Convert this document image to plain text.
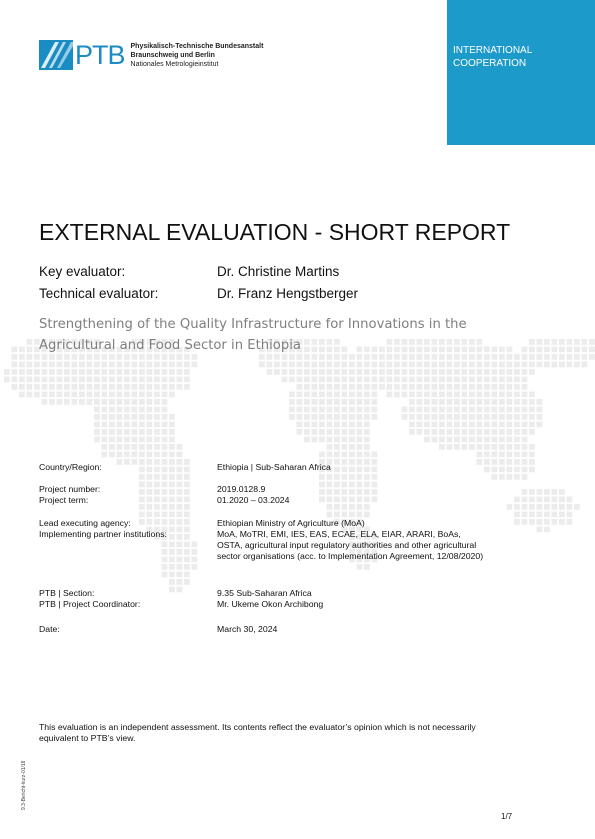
PTB Physikalisch-Technische Bundesanstalt
Braunschweig und Berlin
Nationales Metrologieinstitut
INTERNATIONAL
COOPERATION
EXTERNAL EVALUATION - SHORT REPORT
Key evaluator:	Dr. Christine Martins
Technical evaluator:	Dr. Franz Hengstberger
Strengthening of the Quality Infrastructure for Innovations in the
Agricultural and Food Sector in Ethiopia
Country/Region:	Ethiopia | Sub-Saharan Africa
Project number:	2019.0128.9
Project term:	01.2020 – 03.2024
Lead executing agency:	Ethiopian Ministry of Agriculture (MoA)
Implementing partner institutions:	MoA, MoTRI, EMI, IES, EAS, ECAE, ELA, EIAR, ARARI, BoAs,
OSTA, agricultural input regulatory authorities and other agricultural
sector organisations (acc. to Implementation Agreement, 12/08/2020)
PTB | Section:	9.35 Sub-Saharan Africa
PTB | Project Coordinator:	Mr. Ukeme Okon Archibong
Date:	March 30, 2024
This evaluation is an independent assessment. Its contents reflect the evaluator’s opinion which is not necessarily
equivalent to PTB’s view.
9.3-Bericht-kurz-01/18
1/7
